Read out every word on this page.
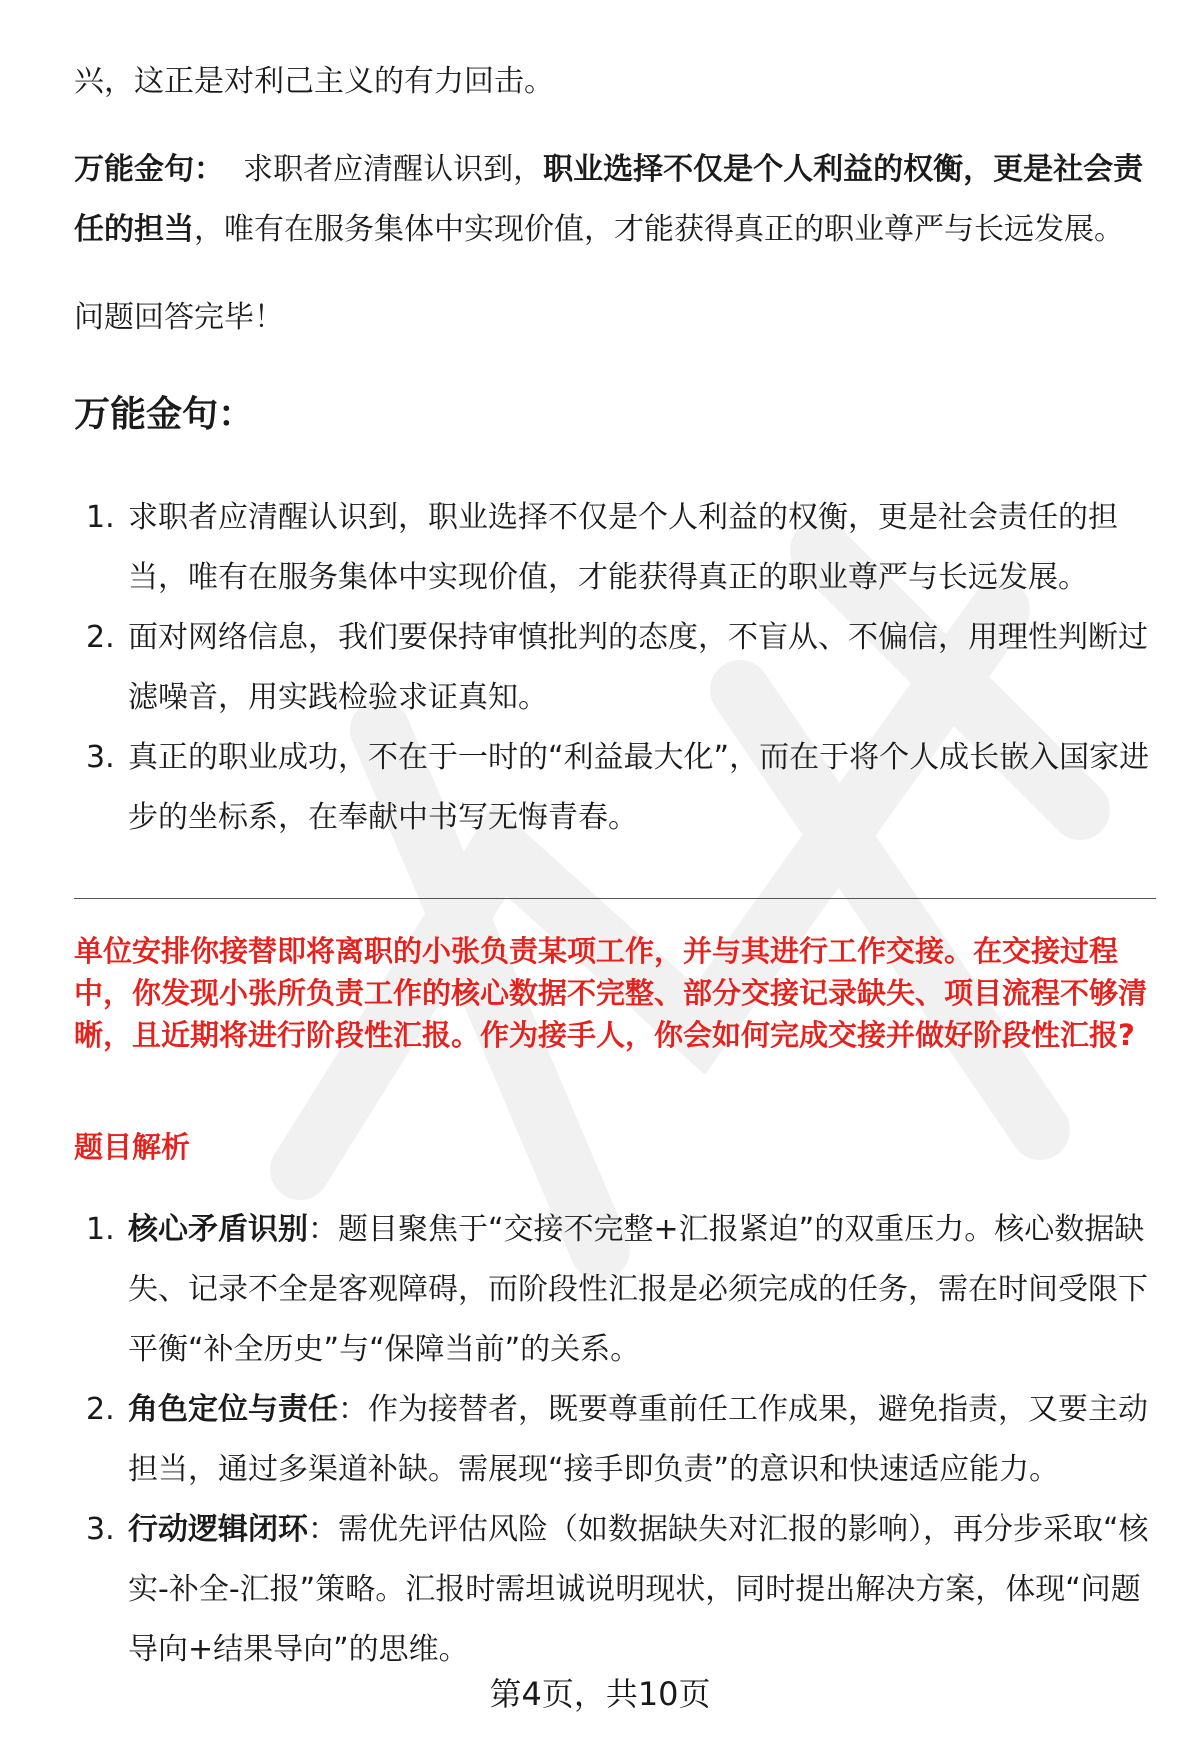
兴，这正是对利己主义的有力回击。

万能金句： 求职者应清醒认识到，职业选择不仅是个人利益的权衡，更是社会责任的担当，唯有在服务集体中实现价值，才能获得真正的职业尊严与长远发展。

问题回答完毕！

万能金句：
1. 求职者应清醒认识到，职业选择不仅是个人利益的权衡，更是社会责任的担当，唯有在服务集体中实现价值，才能获得真正的职业尊严与长远发展。
2. 面对网络信息，我们要保持审慎批判的态度，不盲从、不偏信，用理性判断过滤噪音，用实践检验求证真知。
3. 真正的职业成功，不在于一时的“利益最大化”，而在于将个人成长嵌入国家进步的坐标系，在奉献中书写无悔青春。

单位安排你接替即将离职的小张负责某项工作，并与其进行工作交接。在交接过程中，你发现小张所负责工作的核心数据不完整、部分交接记录缺失、项目流程不够清晰，且近期将进行阶段性汇报。作为接手人，你会如何完成交接并做好阶段性汇报?

题目解析

1. 核心矛盾识别：题目聚焦于“交接不完整+汇报紧迫”的双重压力。核心数据缺失、记录不全是客观障碍，而阶段性汇报是必须完成的任务，需在时间受限下平衡“补全历史”与“保障当前”的关系。
2. 角色定位与责任：作为接替者，既要尊重前任工作成果，避免指责，又要主动担当，通过多渠道补缺。需展现“接手即负责”的意识和快速适应能力。
3. 行动逻辑闭环：需优先评估风险（如数据缺失对汇报的影响），再分步采取“核实-补全-汇报”策略。汇报时需坦诚说明现状，同时提出解决方案，体现“问题导向+结果导向”的思维。
第4页，共10页
